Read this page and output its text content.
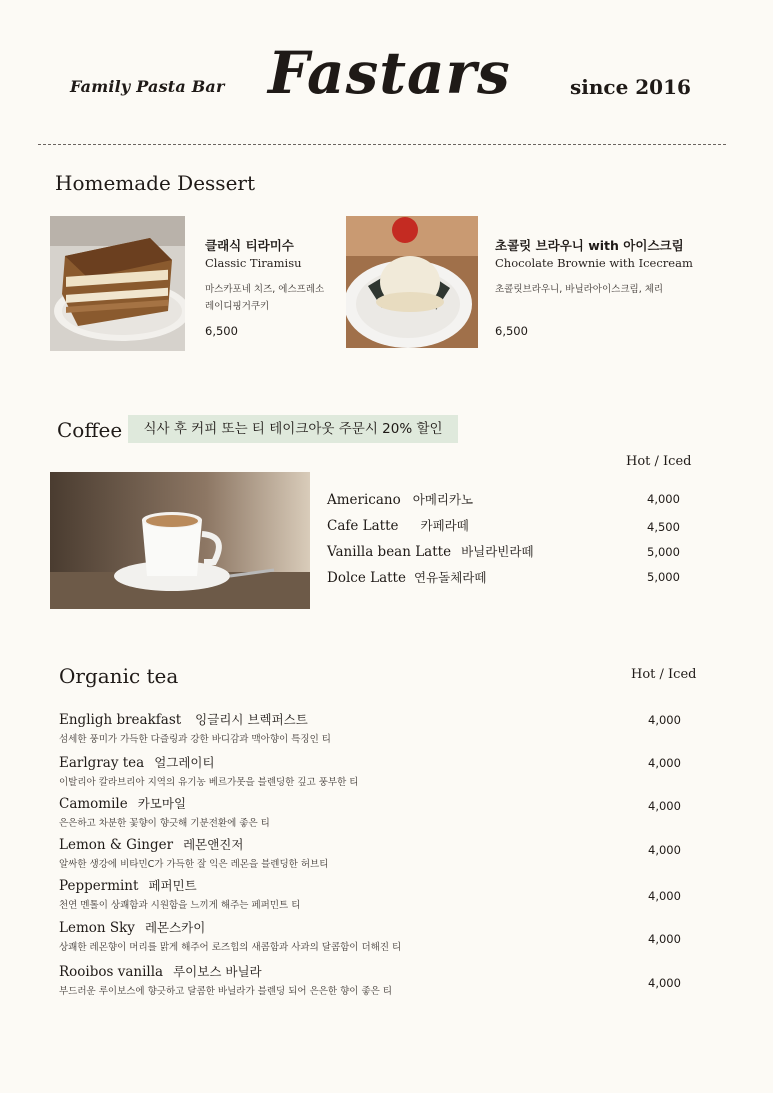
Family Pasta Bar Fastars	since 2016
Homemade Dessert
클래식 티라미수
Classic Tiramisu
마스카포네 치즈, 에스프레소
레이디핑거쿠키
6,500
초콜릿 브라우니 with 아이스크림
Chocolate Brownie with Icecream
초콜릿브라우니, 바닐라아이스크림, 체리
6,500
Coffee	식사 후 커피 또는 티 테이크아웃 주문시 20% 할인
Hot / Iced
Americano 아메리카노	4,000
Cafe Latte 카페라떼	4,500
Vanilla bean Latte 바닐라빈라떼	5,000
Dolce Latte 연유돌체라떼	5,000
Organic tea	Hot / Iced
Engligh breakfast 잉글리시 브렉퍼스트
섬세한 풍미가 가득한 다즐링과 강한 바디감과 맥아향이 특징인 티
4,000
Earlgray tea 얼그레이티
이탈리아 칼라브리아 지역의 유기농 베르가못을 블렌딩한 깊고 풍부한 티
4,000
Camomile 카모마일
은은하고 차분한 꽃향이 향긋해 기분전환에 좋은 티
4,000
Lemon & Ginger 레몬앤진저
알싸한 생강에 비타민C가 가득한 잘 익은 레몬을 블렌딩한 허브티
4,000
Peppermint 페퍼민트
천연 멘톨이 상쾌함과 시원함을 느끼게 해주는 페퍼민트 티
4,000
Lemon Sky 레몬스카이
상쾌한 레몬향이 머리를 맑게 해주어 로즈힙의 새콤함과 사과의 달콤함이 더해진 티
4,000
Rooibos vanilla 루이보스 바닐라
부드러운 루이보스에 향긋하고 달콤한 바닐라가 블렌딩 되어 은은한 향이 좋은 티
4,000
